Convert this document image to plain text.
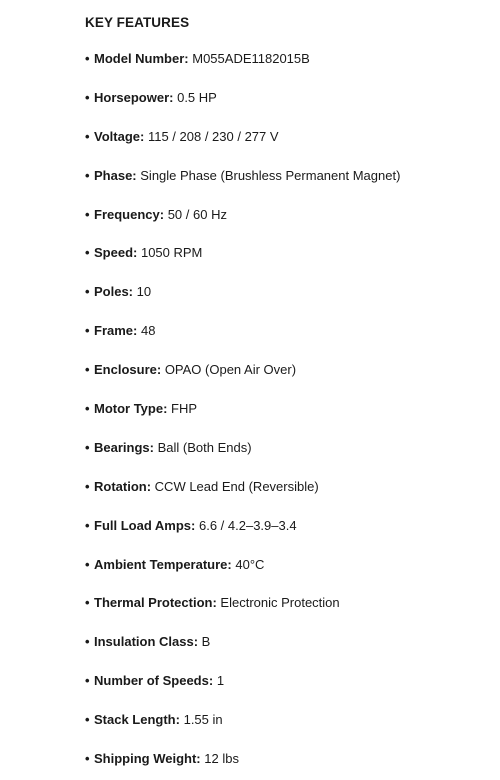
KEY FEATURES
• Model Number: M055ADE1182015B
• Horsepower: 0.5 HP
• Voltage: 115 / 208 / 230 / 277 V
• Phase: Single Phase (Brushless Permanent Magnet)
• Frequency: 50 / 60 Hz
• Speed: 1050 RPM
• Poles: 10
• Frame: 48
• Enclosure: OPAO (Open Air Over)
• Motor Type: FHP
• Bearings: Ball (Both Ends)
• Rotation: CCW Lead End (Reversible)
• Full Load Amps: 6.6 / 4.2–3.9–3.4
• Ambient Temperature: 40°C
• Thermal Protection: Electronic Protection
• Insulation Class: B
• Number of Speeds: 1
• Stack Length: 1.55 in
• Shipping Weight: 12 lbs
